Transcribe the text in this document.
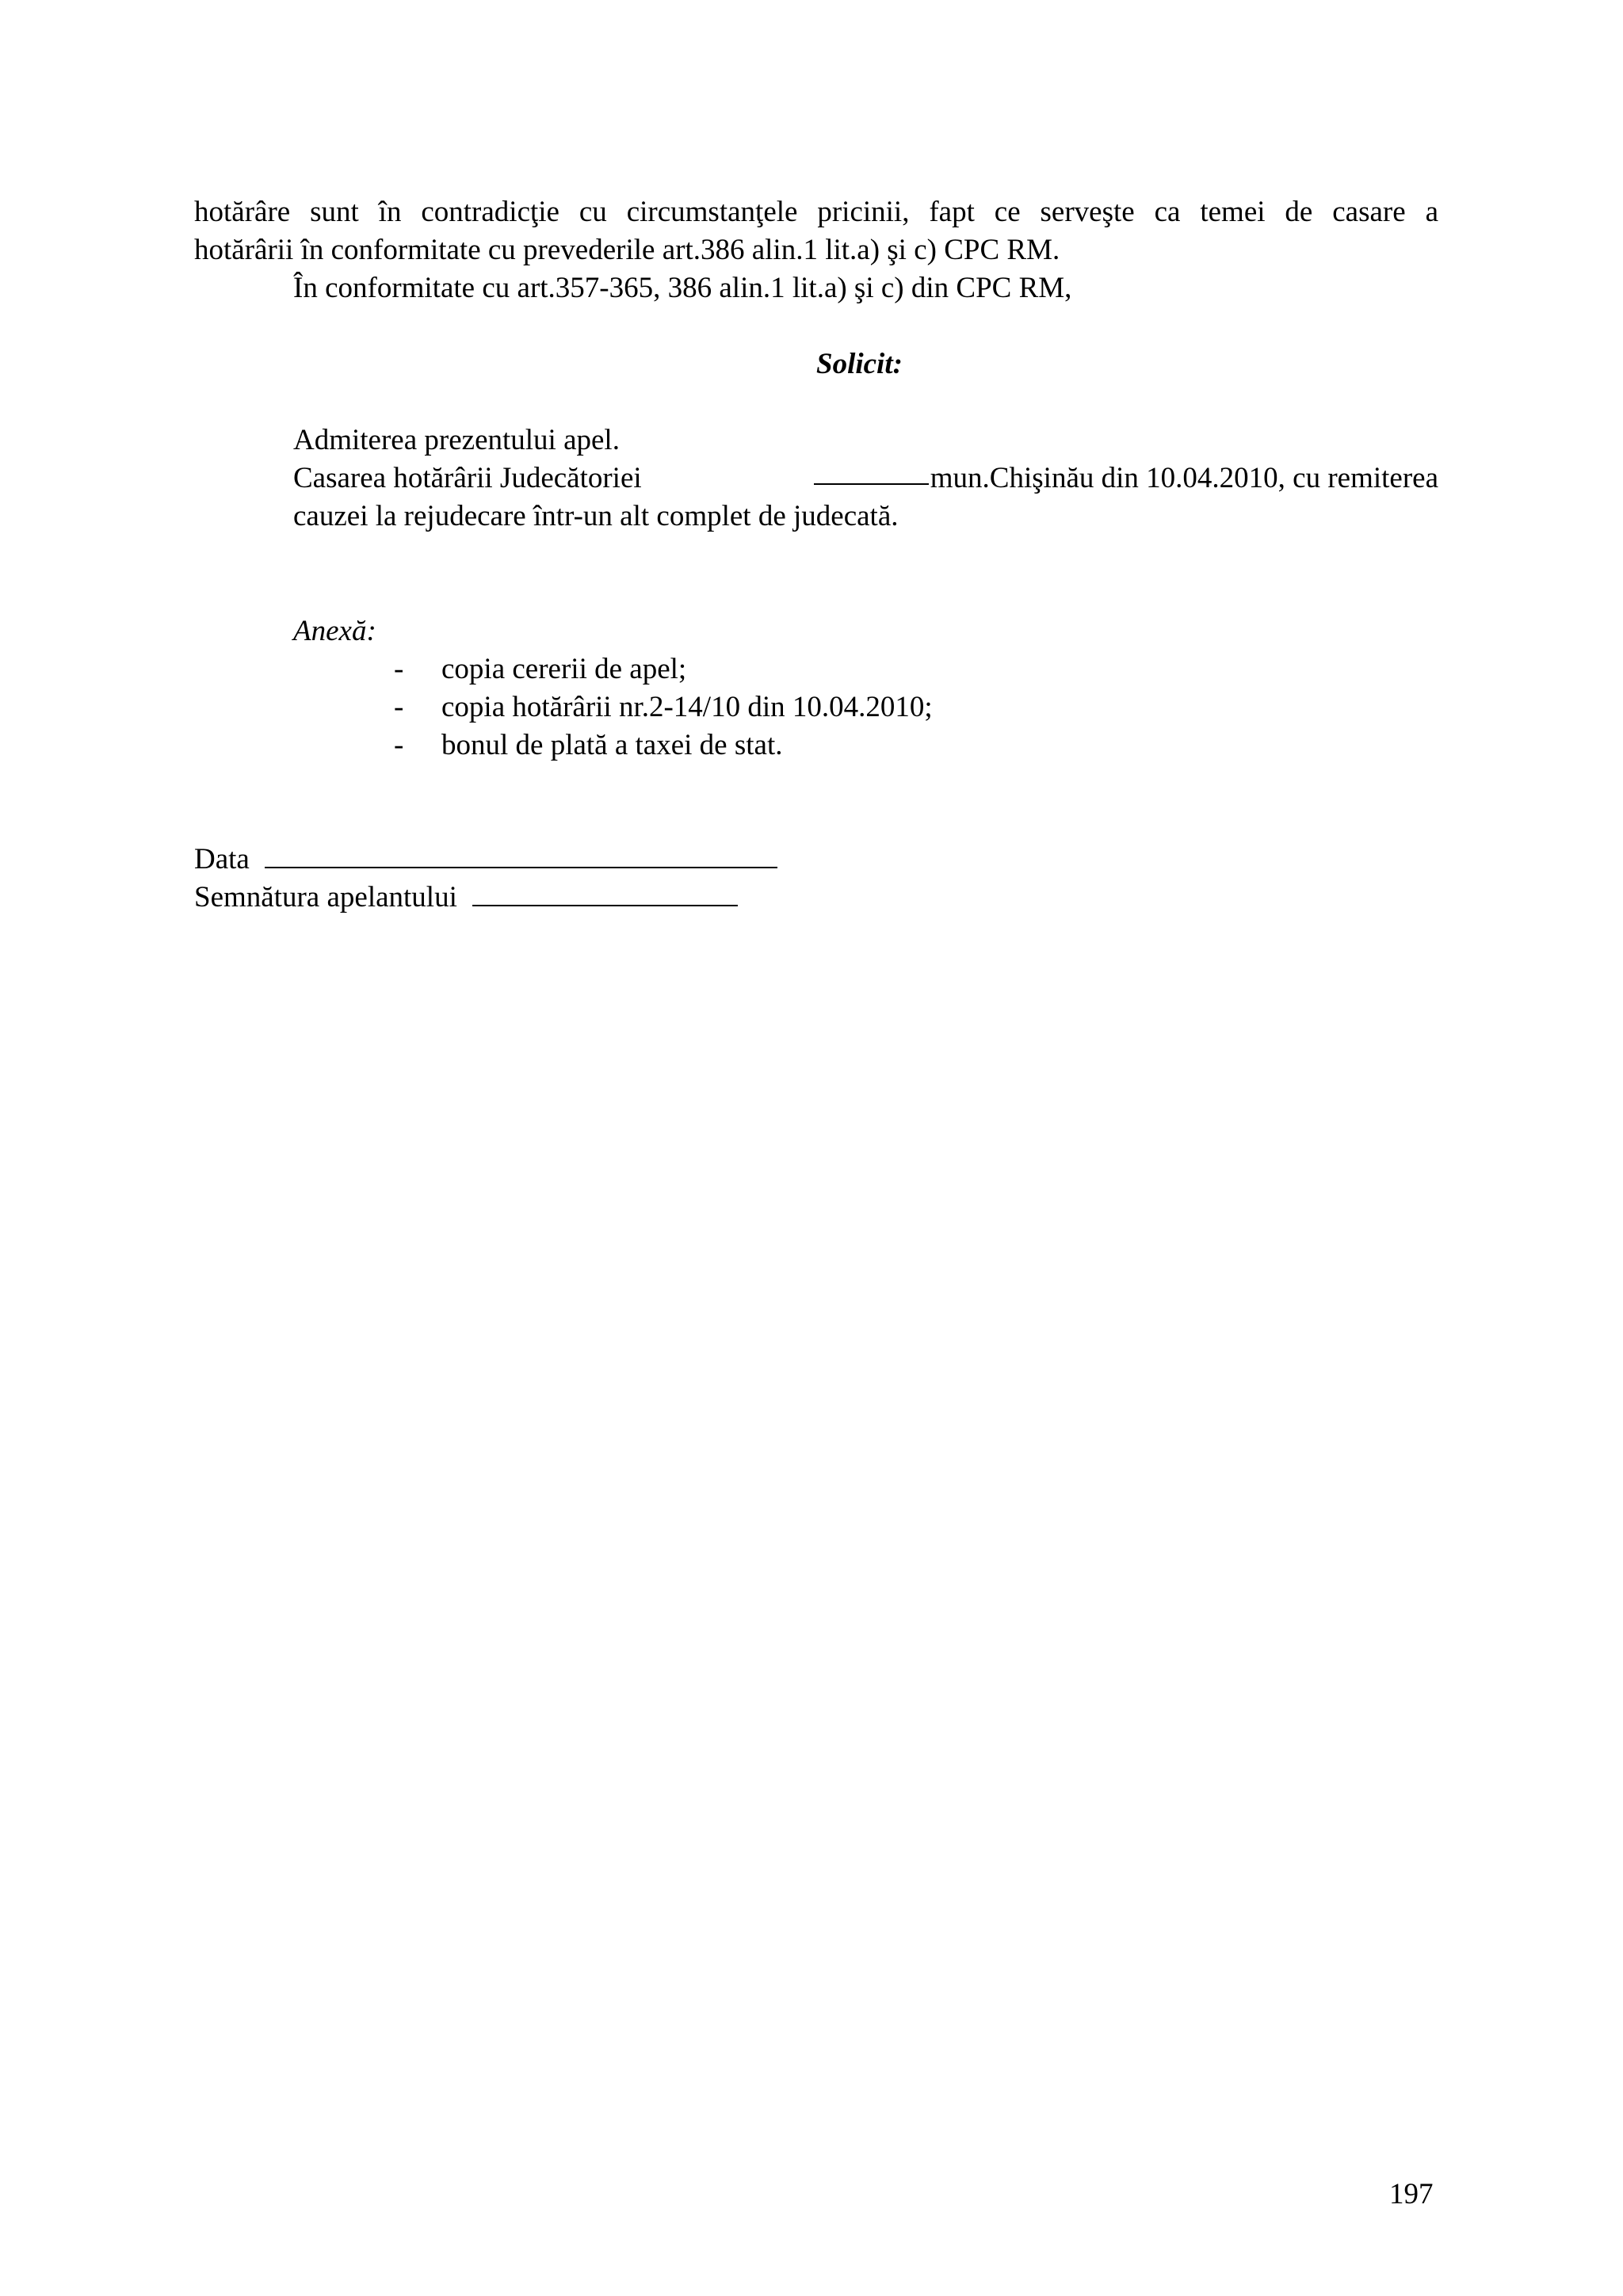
hotărâre sunt în contradicţie cu circumstanţele pricinii, fapt ce serveşte ca temei de casare a
hotărârii în conformitate cu prevederile art.386 alin.1 lit.a) şi c) CPC RM.
În conformitate cu art.357-365, 386 alin.1 lit.a) şi c) din CPC RM,
Solicit:
Admiterea prezentului apel.
Casarea hotărârii Judecătoriei	mun.Chişinău din 10.04.2010, cu remiterea
cauzei la rejudecare într-un alt complet de judecată.
Anexă:
- copia cererii de apel;
- copia hotărârii nr.2-14/10 din 10.04.2010;
- bonul de plată a taxei de stat.
Data
Semnătura apelantului
197
